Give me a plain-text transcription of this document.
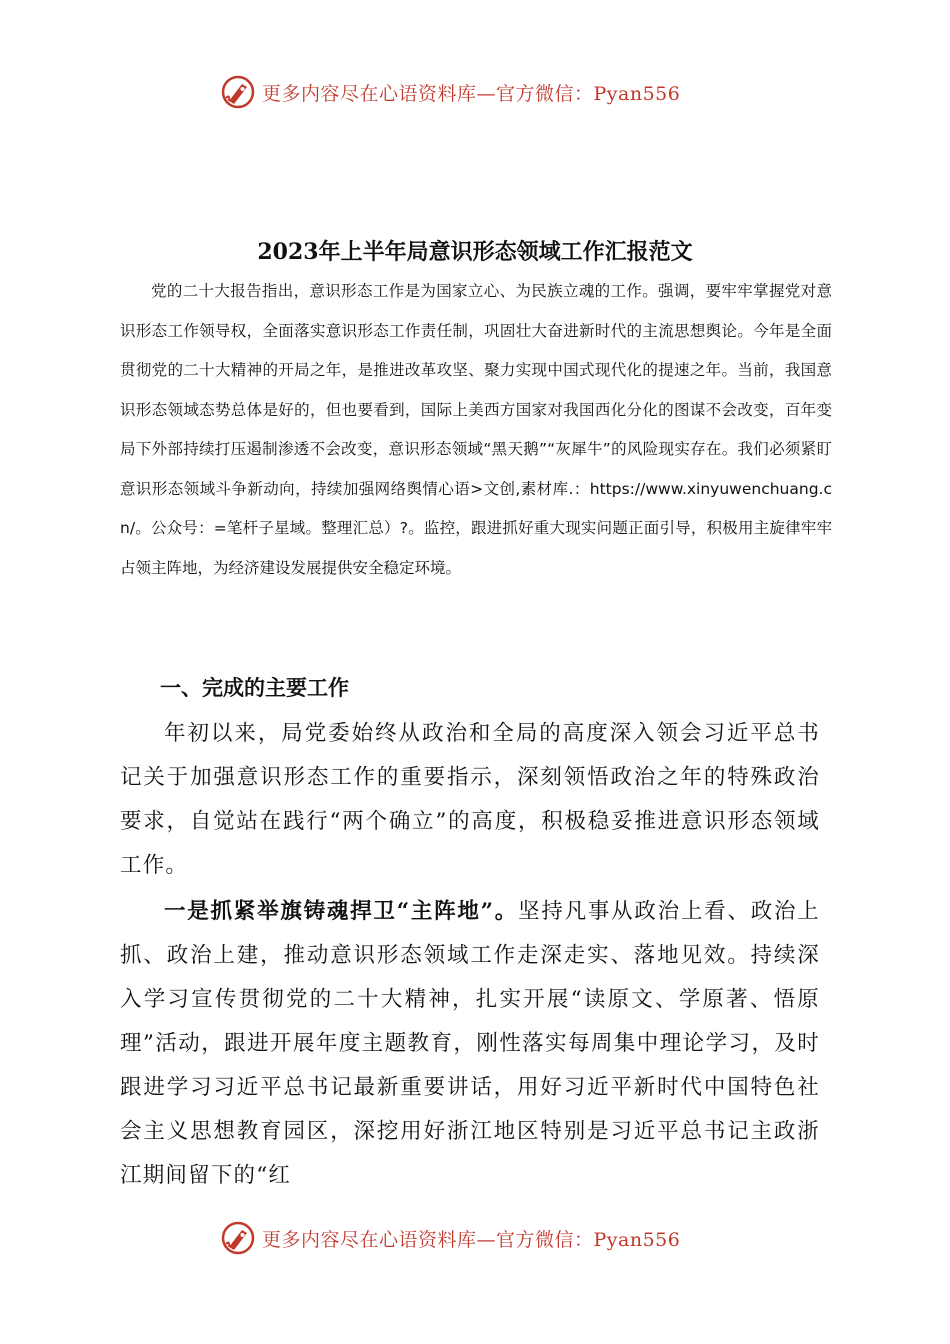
更多内容尽在心语资料库—官方微信：Pyan556
2023年上半年局意识形态领域工作汇报范文

党的二十大报告指出，意识形态工作是为国家立心、为民族立魂的工作。强调，要牢牢掌握党对意识形态工作领导权，全面落实意识形态工作责任制，巩固壮大奋进新时代的主流思想舆论。今年是全面贯彻党的二十大精神的开局之年，是推进改革攻坚、聚力实现中国式现代化的提速之年。当前，我国意识形态领域态势总体是好的，但也要看到，国际上美西方国家对我国西化分化的图谋不会改变，百年变局下外部持续打压遏制渗透不会改变，意识形态领域“黑天鹅”“灰犀牛”的风险现实存在。我们必须紧盯意识形态领域斗争新动向，持续加强网络舆情心语>文创,素材库.：https://www.xinyuwenchuang.cn/。公众号：=笔杆子星域。整理汇总）?。监控，跟进抓好重大现实问题正面引导，积极用主旋律牢牢占领主阵地，为经济建设发展提供安全稳定环境。

一、完成的主要工作

年初以来，局党委始终从政治和全局的高度深入领会习近平总书记关于加强意识形态工作的重要指示，深刻领悟政治之年的特殊政治要求，自觉站在践行“两个确立”的高度，积极稳妥推进意识形态领域工作。

一是抓紧举旗铸魂捍卫“主阵地”。坚持凡事从政治上看、政治上抓、政治上建，推动意识形态领域工作走深走实、落地见效。持续深入学习宣传贯彻党的二十大精神，扎实开展“读原文、学原著、悟原理”活动，跟进开展年度主题教育，刚性落实每周集中理论学习，及时跟进学习习近平总书记最新重要讲话，用好习近平新时代中国特色社会主义思想教育园区，深挖用好浙江地区特别是习近平总书记主政浙江期间留下的“红

更多内容尽在心语资料库—官方微信：Pyan556
